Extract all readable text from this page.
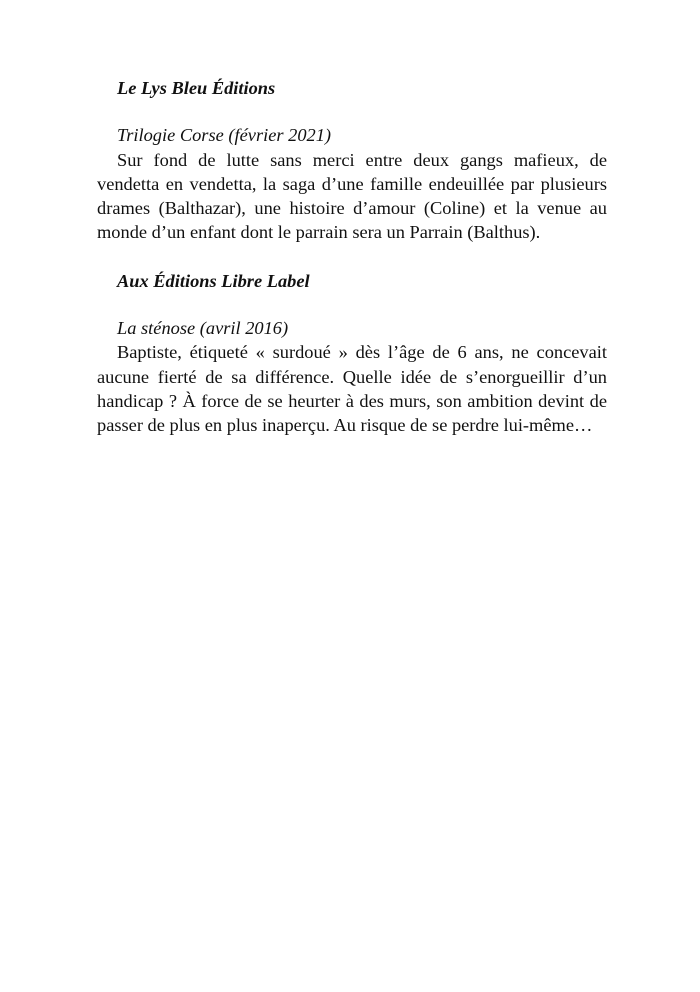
Le Lys Bleu Éditions

Trilogie Corse (février 2021)

Sur fond de lutte sans merci entre deux gangs mafieux, de vendetta en vendetta, la saga d’une famille endeuillée par plusieurs drames (Balthazar), une histoire d’amour (Coline) et la venue au monde d’un enfant dont le parrain sera un Parrain (Balthus).

Aux Éditions Libre Label

La sténose (avril 2016)

Baptiste, étiqueté « surdoué » dès l’âge de 6 ans, ne concevait aucune fierté de sa différence. Quelle idée de s’enorgueillir d’un handicap ? À force de se heurter à des murs, son ambition devint de passer de plus en plus inaperçu. Au risque de se perdre lui-même…
